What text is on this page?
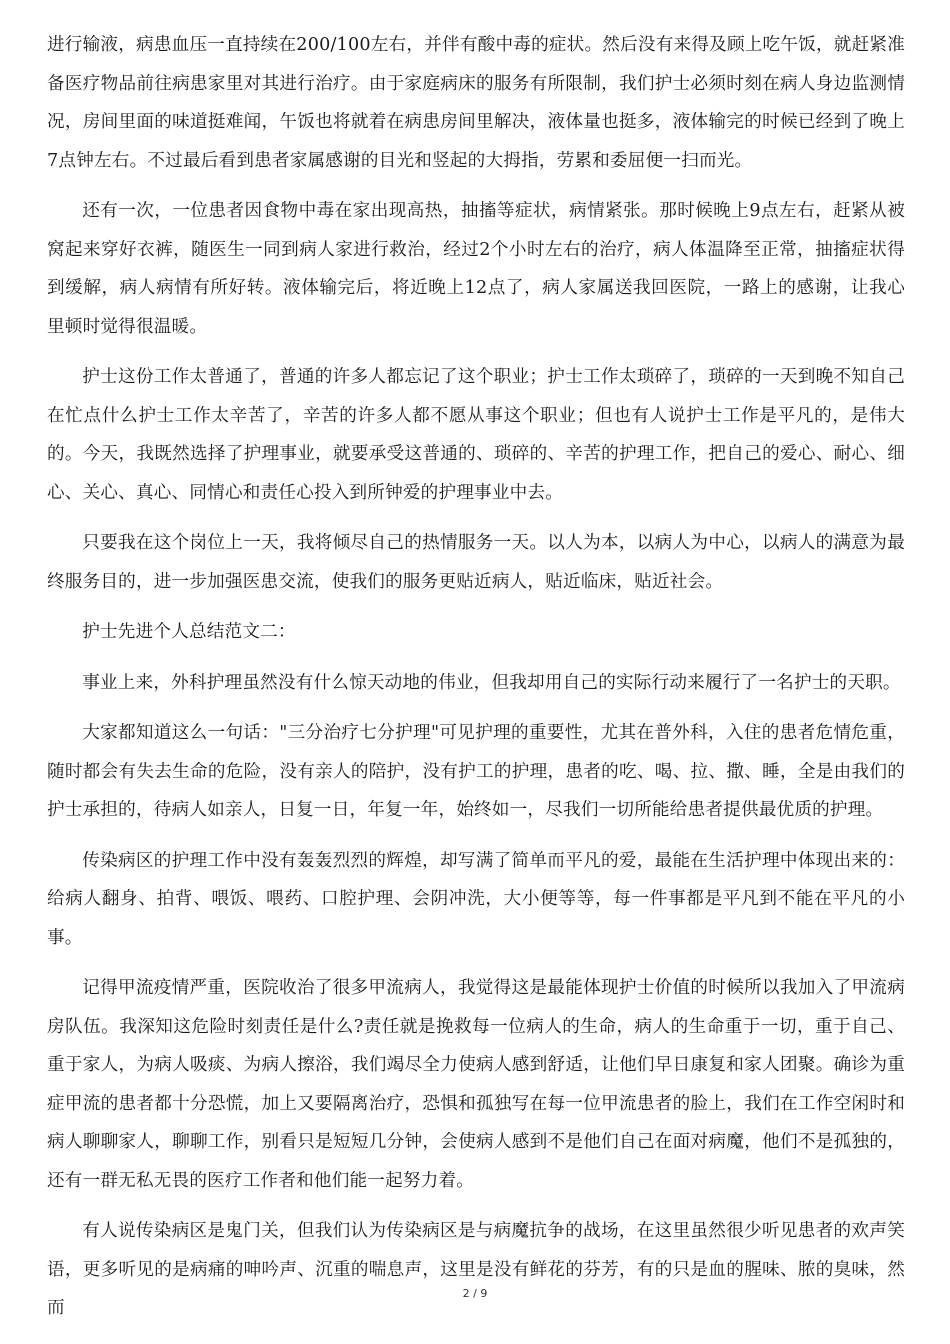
进行输液，病患血压一直持续在200/100左右，并伴有酸中毒的症状。然后没有来得及顾上吃午饭，就赶紧准备医疗物品前往病患家里对其进行治疗。由于家庭病床的服务有所限制，我们护士必须时刻在病人身边监测情况，房间里面的味道挺难闻，午饭也将就着在病患房间里解决，液体量也挺多，液体输完的时候已经到了晚上7点钟左右。不过最后看到患者家属感谢的目光和竖起的大拇指，劳累和委屈便一扫而光。

还有一次，一位患者因食物中毒在家出现高热，抽搐等症状，病情紧张。那时候晚上9点左右，赶紧从被窝起来穿好衣裤，随医生一同到病人家进行救治，经过2个小时左右的治疗，病人体温降至正常，抽搐症状得到缓解，病人病情有所好转。液体输完后，将近晚上12点了，病人家属送我回医院，一路上的感谢，让我心里顿时觉得很温暖。

护士这份工作太普通了，普通的许多人都忘记了这个职业；护士工作太琐碎了，琐碎的一天到晚不知自己在忙点什么护士工作太辛苦了，辛苦的许多人都不愿从事这个职业；但也有人说护士工作是平凡的，是伟大的。今天，我既然选择了护理事业，就要承受这普通的、琐碎的、辛苦的护理工作，把自己的爱心、耐心、细心、关心、真心、同情心和责任心投入到所钟爱的护理事业中去。

只要我在这个岗位上一天，我将倾尽自己的热情服务一天。以人为本，以病人为中心，以病人的满意为最终服务目的，进一步加强医患交流，使我们的服务更贴近病人，贴近临床，贴近社会。

护士先进个人总结范文二：

事业上来，外科护理虽然没有什么惊天动地的伟业，但我却用自己的实际行动来履行了一名护士的天职。

大家都知道这么一句话："三分治疗七分护理"可见护理的重要性，尤其在普外科，入住的患者危情危重，随时都会有失去生命的危险，没有亲人的陪护，没有护工的护理，患者的吃、喝、拉、撒、睡，全是由我们的护士承担的，待病人如亲人，日复一日，年复一年，始终如一，尽我们一切所能给患者提供最优质的护理。

传染病区的护理工作中没有轰轰烈烈的辉煌，却写满了简单而平凡的爱，最能在生活护理中体现出来的：给病人翻身、拍背、喂饭、喂药、口腔护理、会阴冲洗，大小便等等，每一件事都是平凡到不能在平凡的小事。

记得甲流疫情严重，医院收治了很多甲流病人，我觉得这是最能体现护士价值的时候所以我加入了甲流病房队伍。我深知这危险时刻责任是什么?责任就是挽救每一位病人的生命，病人的生命重于一切，重于自己、重于家人，为病人吸痰、为病人擦浴，我们竭尽全力使病人感到舒适，让他们早日康复和家人团聚。确诊为重症甲流的患者都十分恐慌，加上又要隔离治疗，恐惧和孤独写在每一位甲流患者的脸上，我们在工作空闲时和病人聊聊家人，聊聊工作，别看只是短短几分钟，会使病人感到不是他们自己在面对病魔，他们不是孤独的，还有一群无私无畏的医疗工作者和他们能一起努力着。

有人说传染病区是鬼门关，但我们认为传染病区是与病魔抗争的战场，在这里虽然很少听见患者的欢声笑语，更多听见的是病痛的呻吟声、沉重的喘息声，这里是没有鲜花的芬芳，有的只是血的腥味、脓的臭味，然而

2 / 9
